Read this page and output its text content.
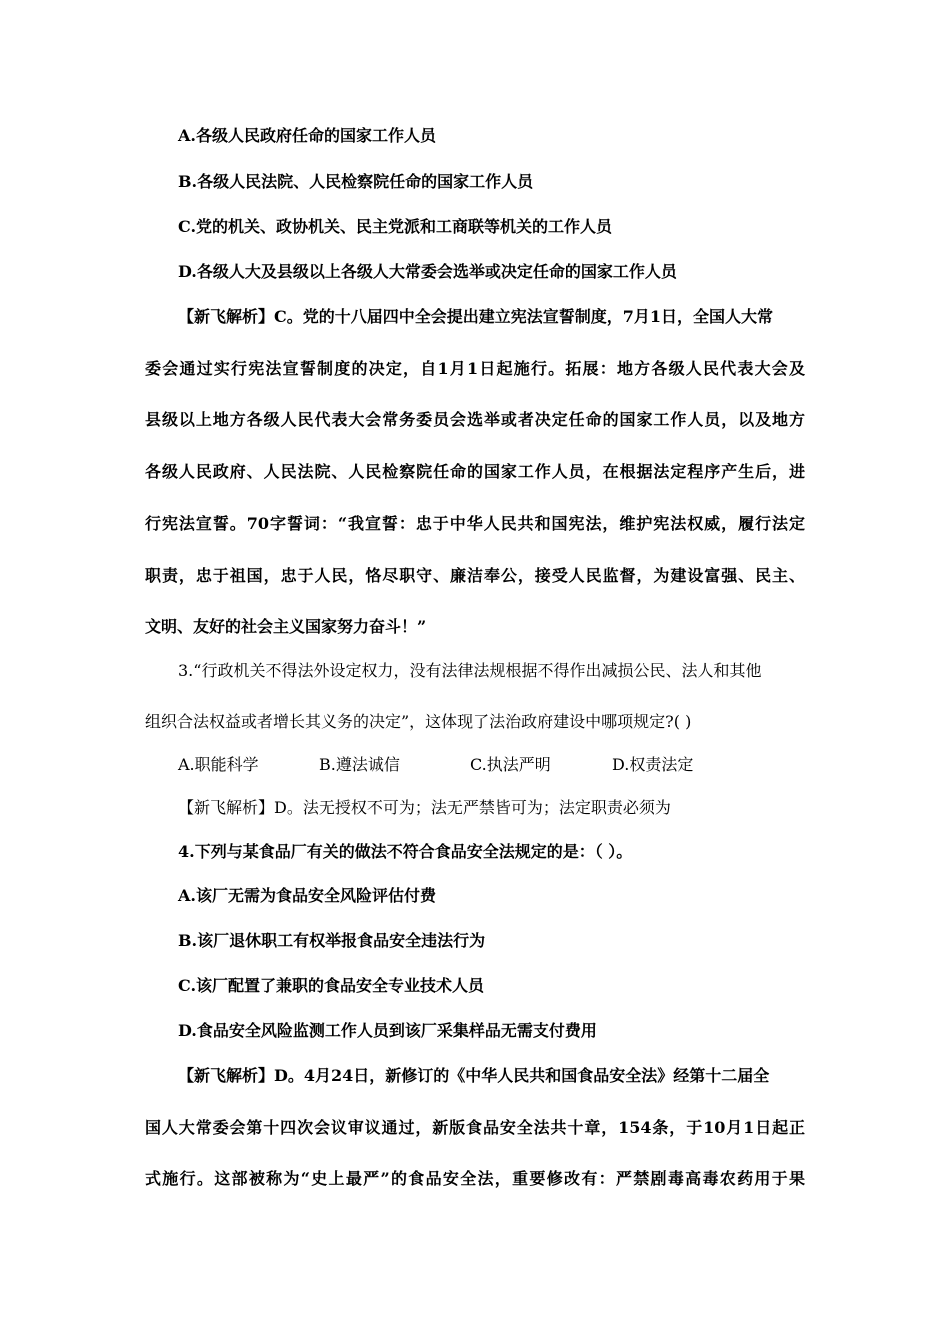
A.各级人民政府任命的国家工作人员
B.各级人民法院、人民检察院任命的国家工作人员
C.党的机关、政协机关、民主党派和工商联等机关的工作人员
D.各级人大及县级以上各级人大常委会选举或决定任命的国家工作人员
【新飞解析】C。党的十八届四中全会提出建立宪法宣誓制度，7月1日，全国人大常
委会通过实行宪法宣誓制度的决定，自1月1日起施行。拓展：地方各级人民代表大会及
县级以上地方各级人民代表大会常务委员会选举或者决定任命的国家工作人员，以及地方
各级人民政府、人民法院、人民检察院任命的国家工作人员，在根据法定程序产生后，进
行宪法宣誓。70字誓词：“我宣誓：忠于中华人民共和国宪法，维护宪法权威，履行法定
职责，忠于祖国，忠于人民，恪尽职守、廉洁奉公，接受人民监督，为建设富强、民主、
文明、友好的社会主义国家努力奋斗！”
3.“行政机关不得法外设定权力，没有法律法规根据不得作出减损公民、法人和其他
组织合法权益或者增长其义务的决定”，这体现了法治政府建设中哪项规定?( )
A.职能科学	B.遵法诚信	C.执法严明	D.权责法定
【新飞解析】D。法无授权不可为；法无严禁皆可为；法定职责必须为
4.下列与某食品厂有关的做法不符合食品安全法规定的是：（ ）。
A.该厂无需为食品安全风险评估付费
B.该厂退休职工有权举报食品安全违法行为
C.该厂配置了兼职的食品安全专业技术人员
D.食品安全风险监测工作人员到该厂采集样品无需支付费用
【新飞解析】D。4月24日，新修订的《中华人民共和国食品安全法》经第十二届全
国人大常委会第十四次会议审议通过，新版食品安全法共十章，154条，于10月1日起正
式施行。这部被称为“史上最严”的食品安全法，重要修改有：严禁剧毒高毒农药用于果
